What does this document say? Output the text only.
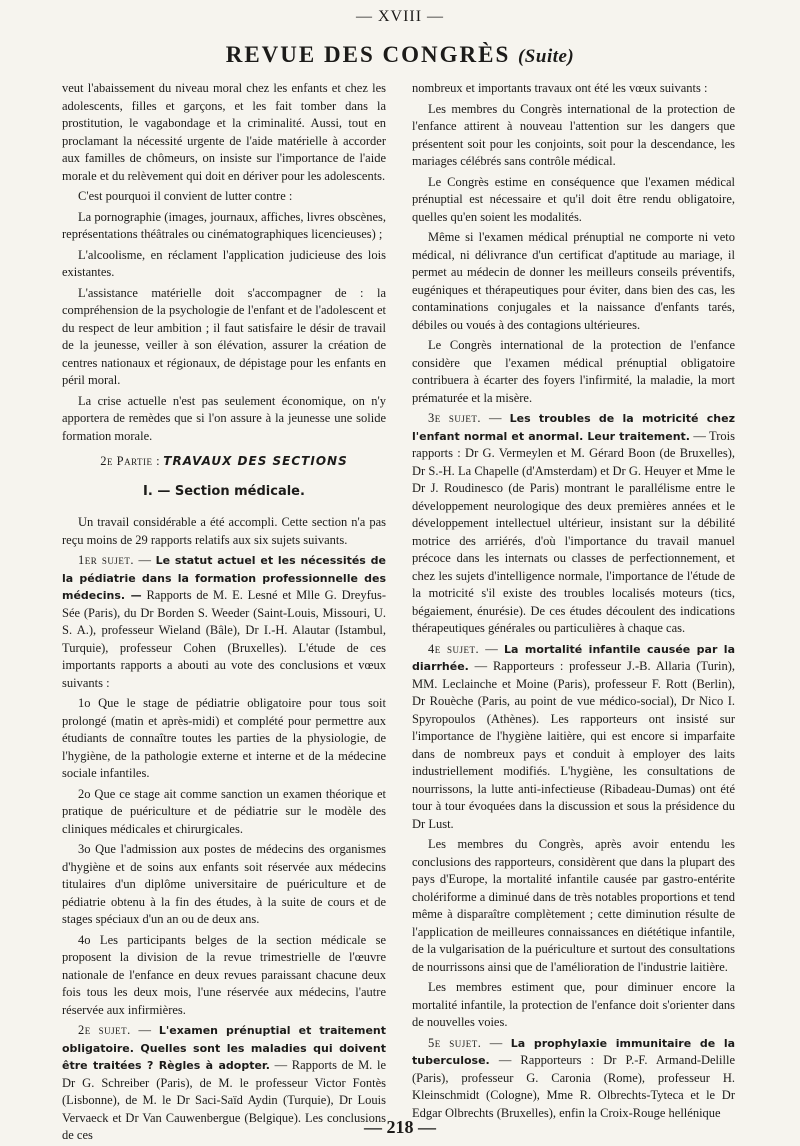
— XVIII —
REVUE DES CONGRÈS (Suite)

veut l'abaissement du niveau moral chez les enfants et chez les adolescents, filles et garçons, et les fait tomber dans la prostitution, le vagabondage et la criminalité. Aussi, tout en proclamant la nécessité urgente de l'aide matérielle à accorder aux familles de chômeurs, on insiste sur l'importance de l'aide morale et du relèvement qui doit en dériver pour les adolescents.

C'est pourquoi il convient de lutter contre :

La pornographie (images, journaux, affiches, livres obscènes, représentations théâtrales ou cinématographiques licencieuses) ;

L'alcoolisme, en réclament l'application judicieuse des lois existantes.

L'assistance matérielle doit s'accompagner de : la compréhension de la psychologie de l'enfant et de l'adolescent et du respect de leur ambition ; il faut satisfaire le désir de travail de la jeunesse, veiller à son élévation, assurer la création de centres nationaux et régionaux, de dépistage pour les enfants en péril moral.

La crise actuelle n'est pas seulement économique, on n'y apportera de remèdes que si l'on assure à la jeunesse une solide formation morale.

2e Partie : TRAVAUX DES SECTIONS

I. — Section médicale.

Un travail considérable a été accompli. Cette section n'a pas reçu moins de 29 rapports relatifs aux six sujets suivants.

1er sujet. — Le statut actuel et les nécessités de la pédiatrie dans la formation professionnelle des médecins. — Rapports de M. E. Lesné et Mlle G. Dreyfus-Sée (Paris), du Dr Borden S. Weeder (Saint-Louis, Missouri, U. S. A.), professeur Wieland (Bâle), Dr I.-H. Alautar (Istambul, Turquie), professeur Cohen (Bruxelles). L'étude de ces importants rapports a abouti au vote des conclusions et vœux suivants :

1o Que le stage de pédiatrie obligatoire pour tous soit prolongé (matin et après-midi) et complété pour permettre aux étudiants de connaître toutes les parties de la physiologie, de l'hygiène, de la pathologie externe et interne et de la médecine sociale infantiles.

2o Que ce stage ait comme sanction un examen théorique et pratique de puériculture et de pédiatrie sur le modèle des cliniques médicales et chirurgicales.

3o Que l'admission aux postes de médecins des organismes d'hygiène et de soins aux enfants soit réservée aux médecins titulaires d'un diplôme universitaire de puériculture et de pédiatrie obtenu à la fin des études, à la suite de cours et de stages spéciaux d'un an ou de deux ans.

4o Les participants belges de la section médicale se proposent la division de la revue trimestrielle de l'œuvre nationale de l'enfance en deux revues paraissant chacune deux fois tous les deux mois, l'une réservée aux médecins, l'autre réservée aux infirmières.

2e sujet. — L'examen prénuptial et traitement obligatoire. Quelles sont les maladies qui doivent être traitées ? Règles à adopter. — Rapports de M. le Dr G. Schreiber (Paris), de M. le professeur Victor Fontès (Lisbonne), de M. le Dr Saci-Saïd Aydin (Turquie), Dr Louis Vervaeck et Dr Van Cauwenbergue (Belgique). Les conclusions de ces

nombreux et importants travaux ont été les vœux suivants :

Les membres du Congrès international de la protection de l'enfance attirent à nouveau l'attention sur les dangers que présentent soit pour les conjoints, soit pour la descendance, les mariages célébrés sans contrôle médical.

Le Congrès estime en conséquence que l'examen médical prénuptial est nécessaire et qu'il doit être rendu obligatoire, quelles qu'en soient les modalités.

Même si l'examen médical prénuptial ne comporte ni veto médical, ni délivrance d'un certificat d'aptitude au mariage, il permet au médecin de donner les meilleurs conseils préventifs, eugéniques et thérapeutiques pour éviter, dans bien des cas, les contaminations conjugales et la naissance d'enfants tarés, débiles ou voués à des contagions ultérieures.

Le Congrès international de la protection de l'enfance considère que l'examen médical prénuptial obligatoire contribuera à écarter des foyers l'infirmité, la maladie, la mort prématurée et la misère.

3e sujet. — Les troubles de la motricité chez l'enfant normal et anormal. Leur traitement. — Trois rapports : Dr G. Vermeylen et M. Gérard Boon (de Bruxelles), Dr S.-H. La Chapelle (d'Amsterdam) et Dr G. Heuyer et Mme le Dr J. Roudinesco (de Paris) montrant le parallélisme entre le développement neurologique des deux premières années et le développement intellectuel ultérieur, insistant sur la débilité motrice des arriérés, d'où l'importance du travail manuel précoce dans les internats ou classes de perfectionnement, et chez les sujets d'intelligence normale, l'importance de l'étude de la motricité s'il existe des troubles localisés moteurs (tics, bégaiement, énurésie). De ces études découlent des indications thérapeutiques générales ou particulières à chaque cas.

4e sujet. — La mortalité infantile causée par la diarrhée. — Rapporteurs : professeur J.-B. Allaria (Turin), MM. Leclainche et Moine (Paris), professeur F. Rott (Berlin), Dr Rouèche (Paris, au point de vue médico-social), Dr Nico I. Spyropoulos (Athènes). Les rapporteurs ont insisté sur l'importance de l'hygiène laitière, qui est encore si imparfaite dans de nombreux pays et conduit à employer des laits industriellement modifiés. L'hygiène, les consultations de nourrissons, la lutte anti-infectieuse (Ribadeau-Dumas) ont été tour à tour évoquées dans la discussion et sous la présidence du Dr Lust.

Les membres du Congrès, après avoir entendu les conclusions des rapporteurs, considèrent que dans la plupart des pays d'Europe, la mortalité infantile causée par gastro-entérite cholériforme a diminué dans de très notables proportions et tend même à disparaître complètement ; cette diminution résulte de l'application de meilleures connaissances en diététique infantile, de la vulgarisation de la puériculture et surtout des consultations de nourrissons ainsi que de l'amélioration de l'industrie laitière.

Les membres estiment que, pour diminuer encore la mortalité infantile, la protection de l'enfance doit s'orienter dans de nouvelles voies.

5e sujet. — La prophylaxie immunitaire de la tuberculose. — Rapporteurs : Dr P.-F. Armand-Delille (Paris), professeur G. Caronia (Rome), professeur H. Kleinschmidt (Cologne), Mme R. Olbrechts-Tyteca et le Dr Edgar Olbrechts (Bruxelles), enfin la Croix-Rouge hellénique

— 218 —
